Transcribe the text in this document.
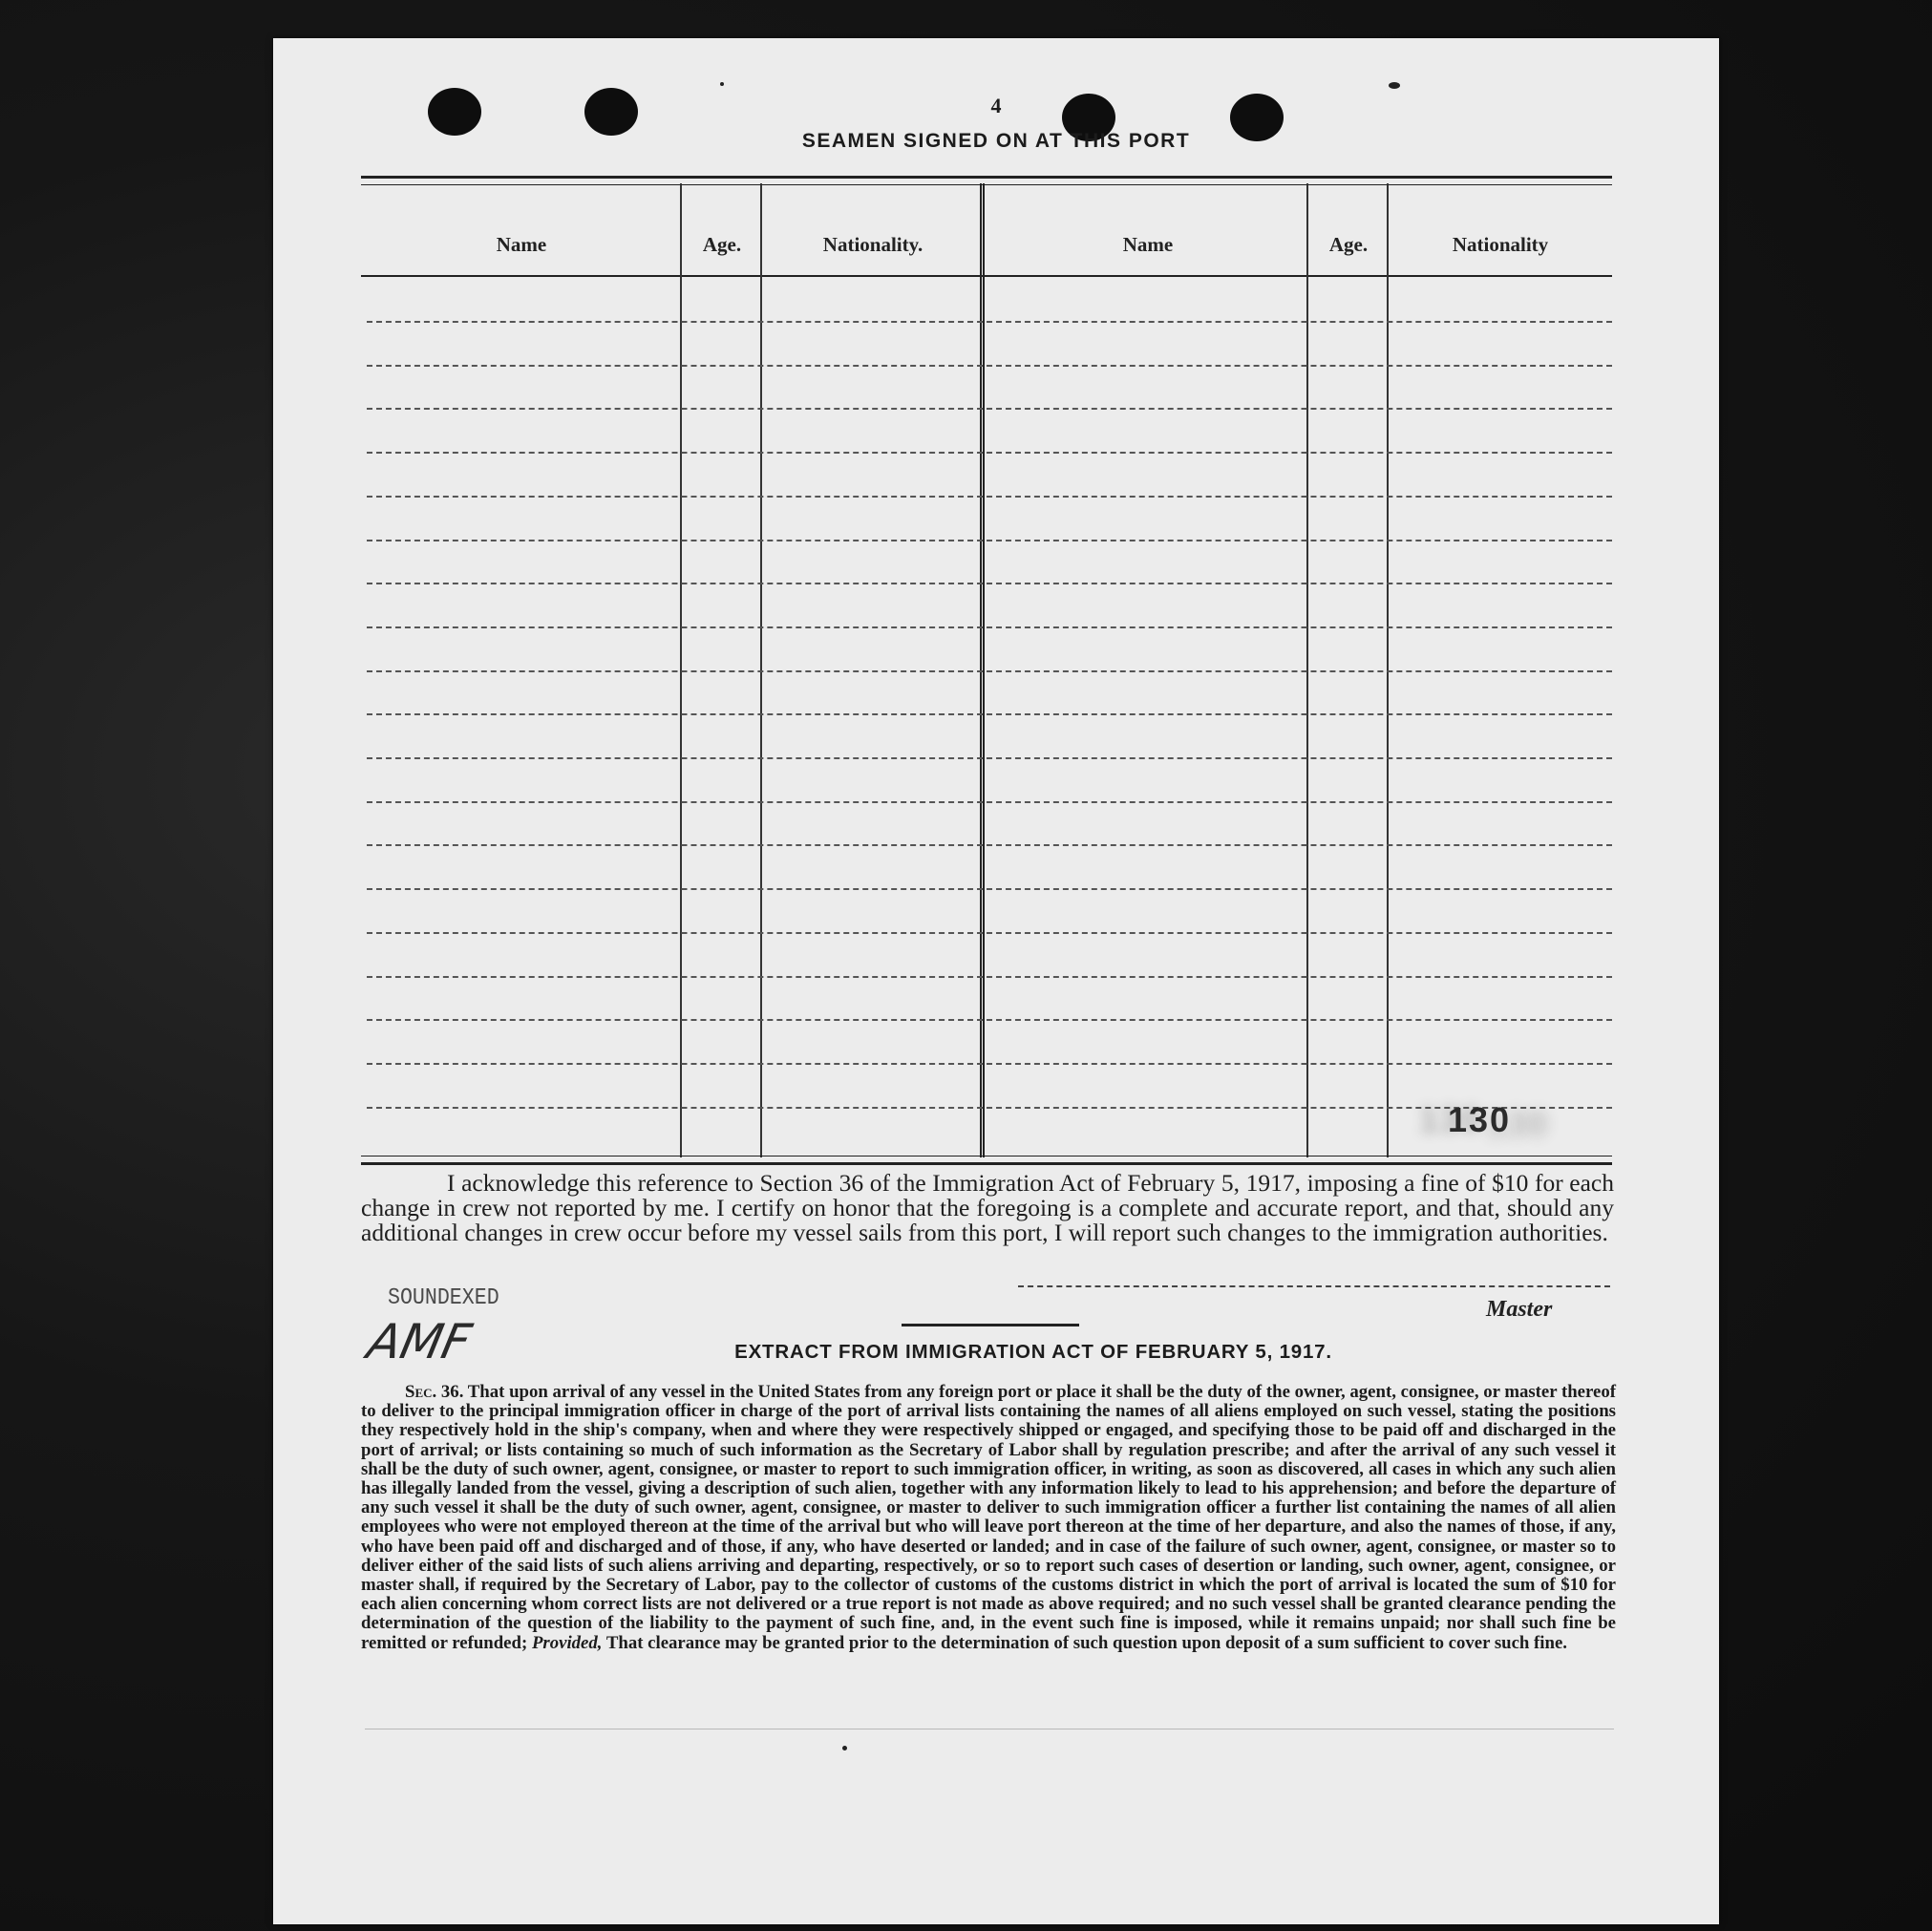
4
SEAMEN SIGNED ON AT THIS PORT
Name	Age.	Nationality.	Name	Age.	Nationality
130
I acknowledge this reference to Section 36 of the Immigration Act of February 5, 1917, imposing a fine of $10 for each change in crew not reported by me. I certify on honor that the foregoing is a complete and accurate report, and that, should any additional changes in crew occur before my vessel sails from this port, I will report such changes to the immigration authorities.
SOUNDEXED
AMF
Master
EXTRACT FROM IMMIGRATION ACT OF FEBRUARY 5, 1917.
Sec. 36. That upon arrival of any vessel in the United States from any foreign port or place it shall be the duty of the owner, agent, consignee, or master thereof to deliver to the principal immigration officer in charge of the port of arrival lists containing the names of all aliens employed on such vessel, stating the positions they respectively hold in the ship's company, when and where they were respectively shipped or engaged, and specifying those to be paid off and discharged in the port of arrival; or lists containing so much of such information as the Secretary of Labor shall by regulation prescribe; and after the arrival of any such vessel it shall be the duty of such owner, agent, consignee, or master to report to such immigration officer, in writing, as soon as discovered, all cases in which any such alien has illegally landed from the vessel, giving a description of such alien, together with any information likely to lead to his apprehension; and before the departure of any such vessel it shall be the duty of such owner, agent, consignee, or master to deliver to such immigration officer a further list containing the names of all alien employees who were not employed thereon at the time of the arrival but who will leave port thereon at the time of her departure, and also the names of those, if any, who have been paid off and discharged and of those, if any, who have deserted or landed; and in case of the failure of such owner, agent, consignee, or master so to deliver either of the said lists of such aliens arriving and departing, respectively, or so to report such cases of desertion or landing, such owner, agent, consignee, or master shall, if required by the Secretary of Labor, pay to the collector of customs of the customs district in which the port of arrival is located the sum of $10 for each alien concerning whom correct lists are not delivered or a true report is not made as above required; and no such vessel shall be granted clearance pending the determination of the question of the liability to the payment of such fine, and, in the event such fine is imposed, while it remains unpaid; nor shall such fine be remitted or refunded; Provided, That clearance may be granted prior to the determination of such question upon deposit of a sum sufficient to cover such fine.
